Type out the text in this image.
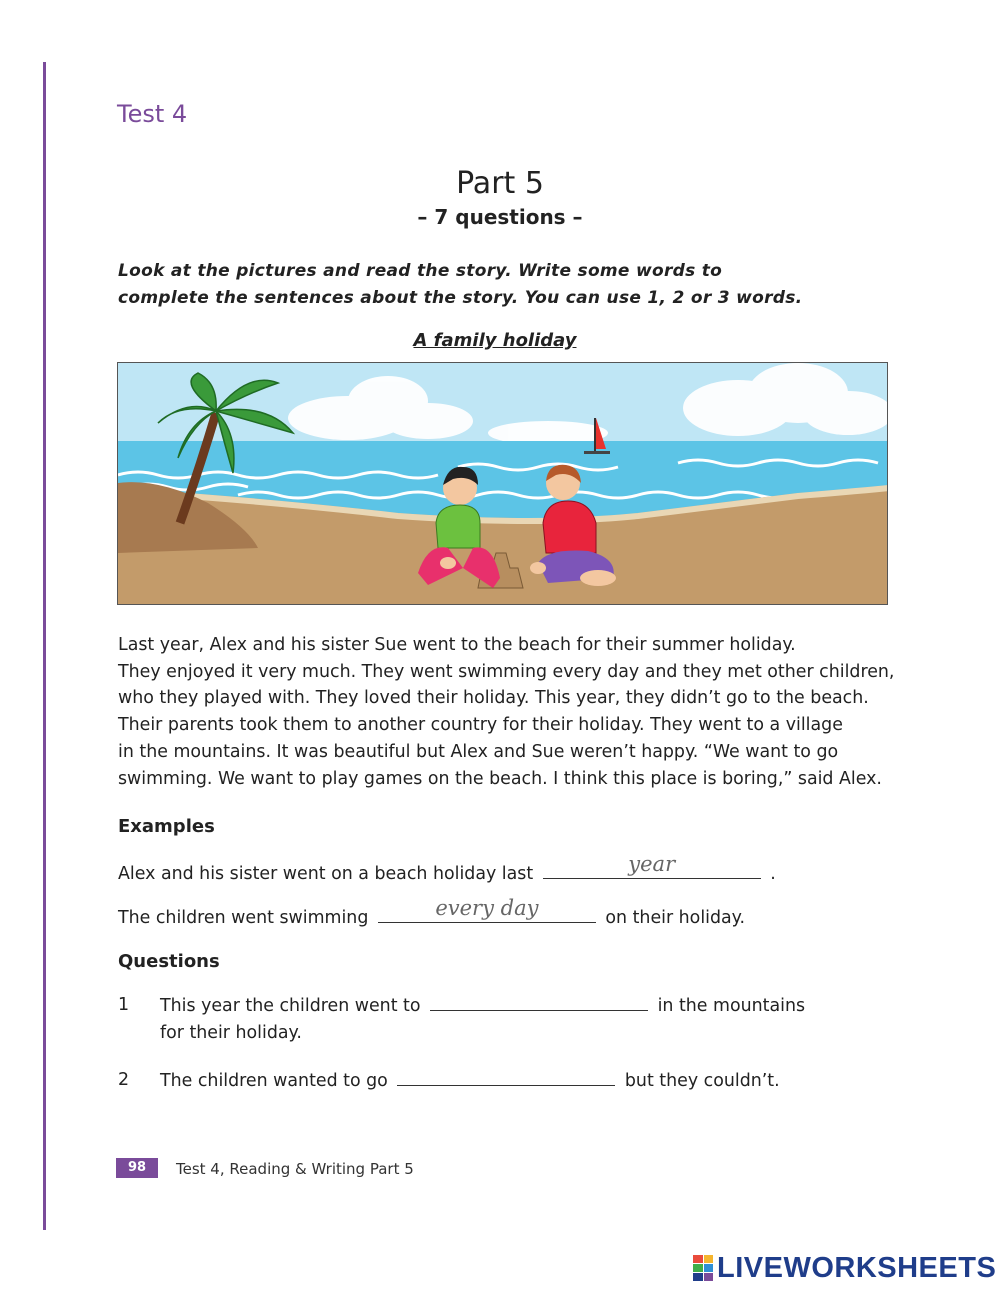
Test 4
Part 5
– 7 questions –
Look at the pictures and read the story. Write some words to
complete the sentences about the story. You can use 1, 2 or 3 words.
A family holiday

Last year, Alex and his sister Sue went to the beach for their summer holiday.

They enjoyed it very much. They went swimming every day and they met other children,

who they played with. They loved their holiday. This year, they didn’t go to the beach.

Their parents took them to another country for their holiday. They went to a village

in the mountains. It was beautiful but Alex and Sue weren’t happy. “We want to go

swimming. We want to play games on the beach. I think this place is boring,” said Alex.

Examples
Alex and his sister went on a beach holiday last	year	.
The children went swimming	every day	on their holiday.
Questions
1 This year the children went to	in the mountains
for their holiday.
2 The children wanted to go	but they couldn’t.
98	Test 4, Reading & Writing Part 5
LIVEWORKSHEETS
